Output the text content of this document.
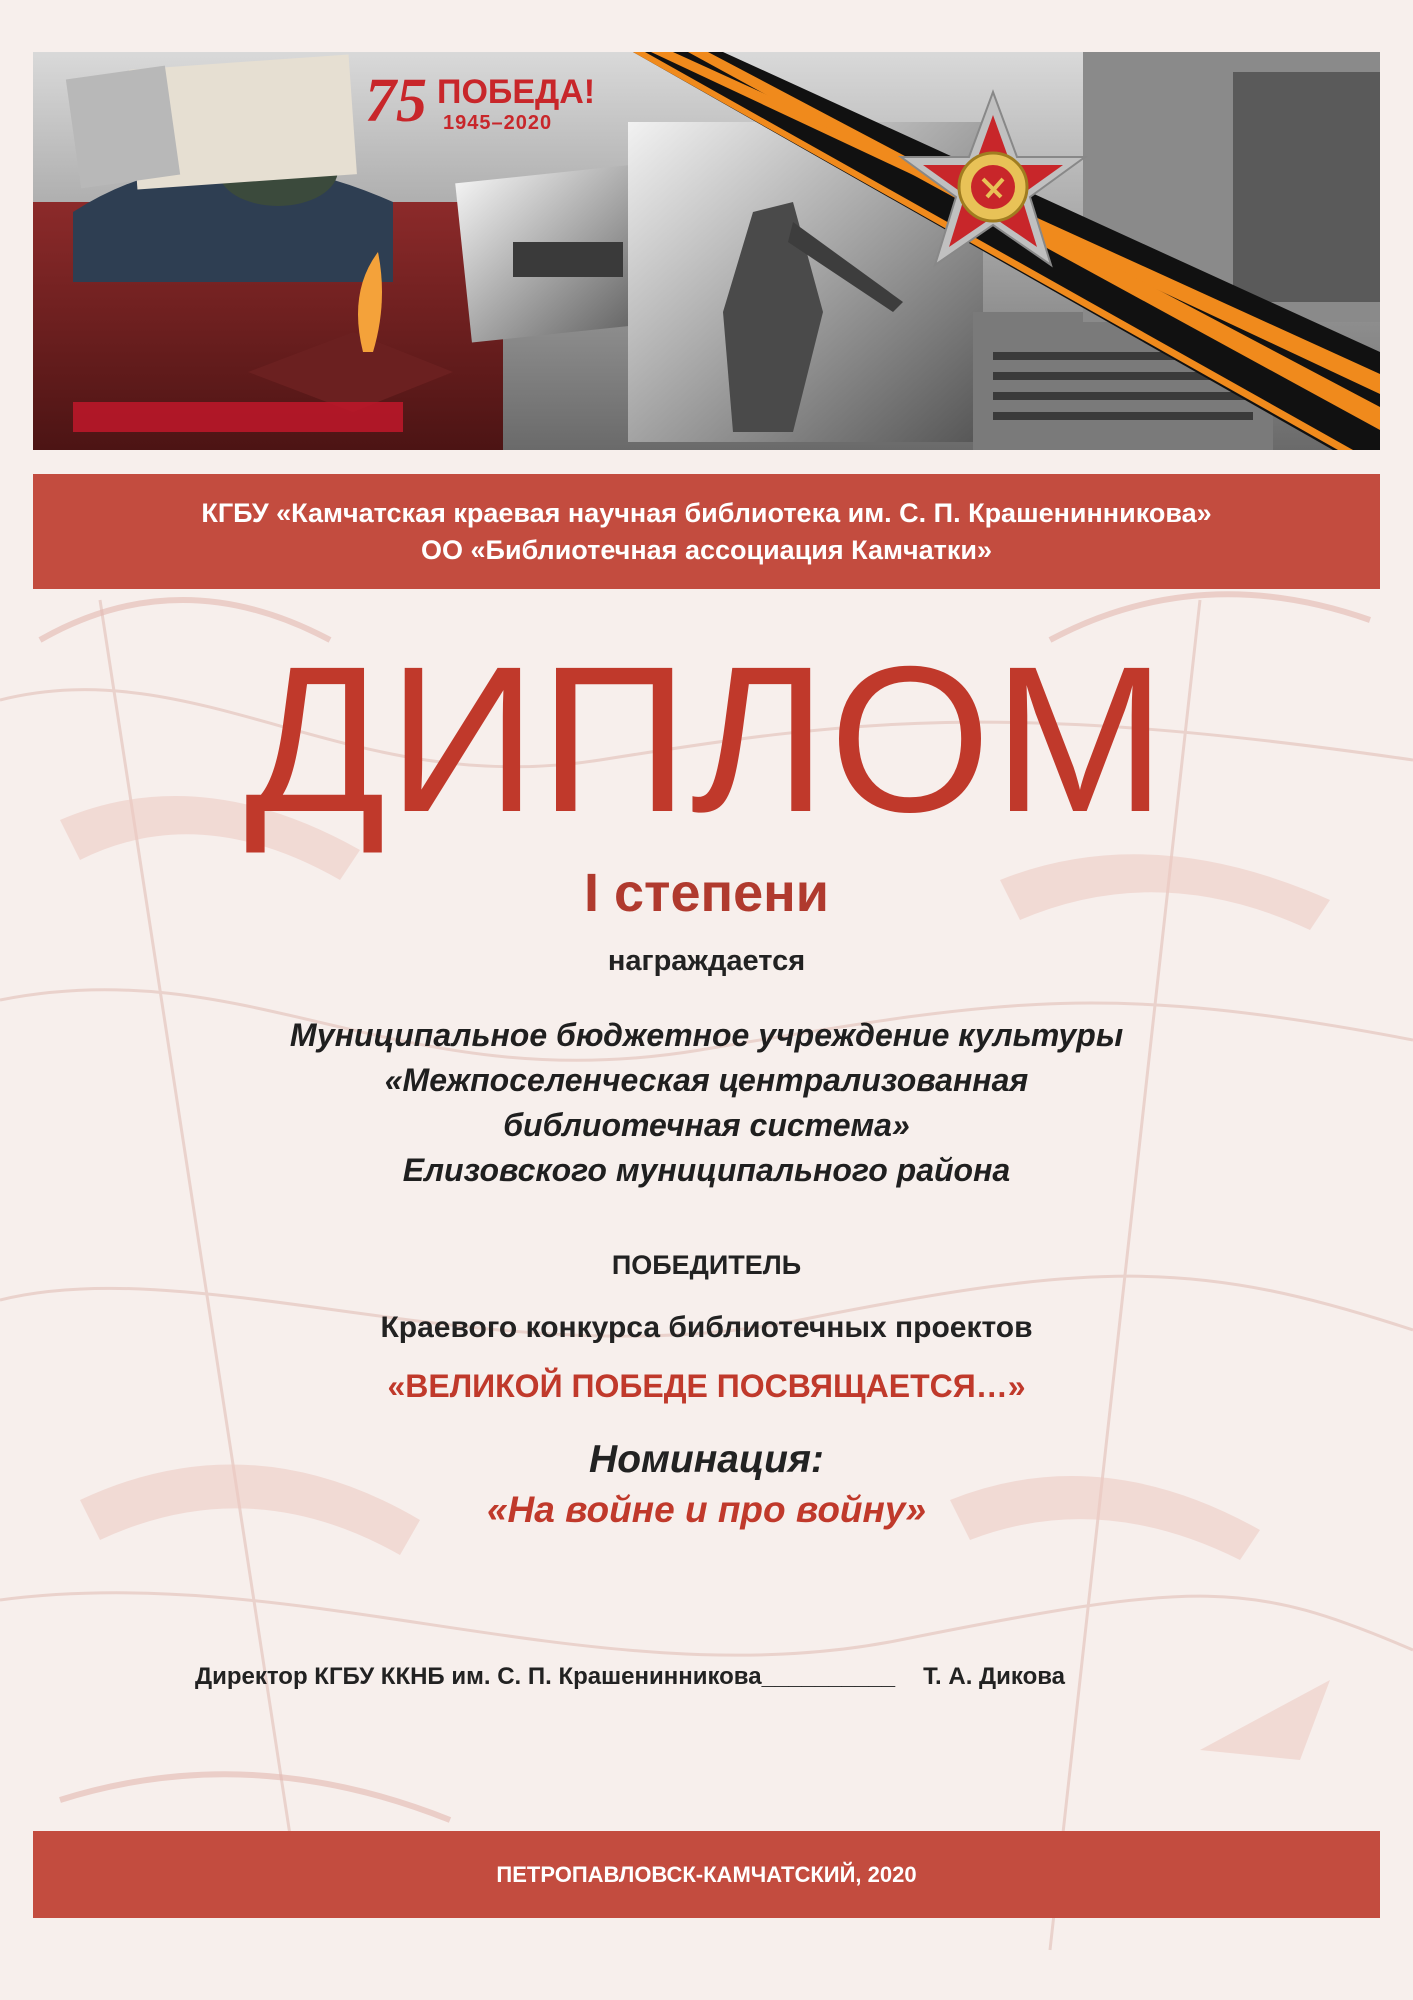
75 ПОБЕДА!
1945–2020
КГБУ «Камчатская краевая научная библиотека им. С. П. Крашенинникова»
ОО «Библиотечная ассоциация Камчатки»
ДИПЛОМ
I степени
награждается
Муниципальное бюджетное учреждение культуры
«Межпоселенческая централизованная
библиотечная система»
Елизовского муниципального района
ПОБЕДИТЕЛЬ
Краевого конкурса библиотечных проектов
«ВЕЛИКОЙ ПОБЕДЕ ПОСВЯЩАЕТСЯ…»
Номинация:
«На войне и про войну»
Директор КГБУ ККНБ им. С. П. Крашенинникова__________ Т. А. Дикова
ПЕТРОПАВЛОВСК-КАМЧАТСКИЙ, 2020
